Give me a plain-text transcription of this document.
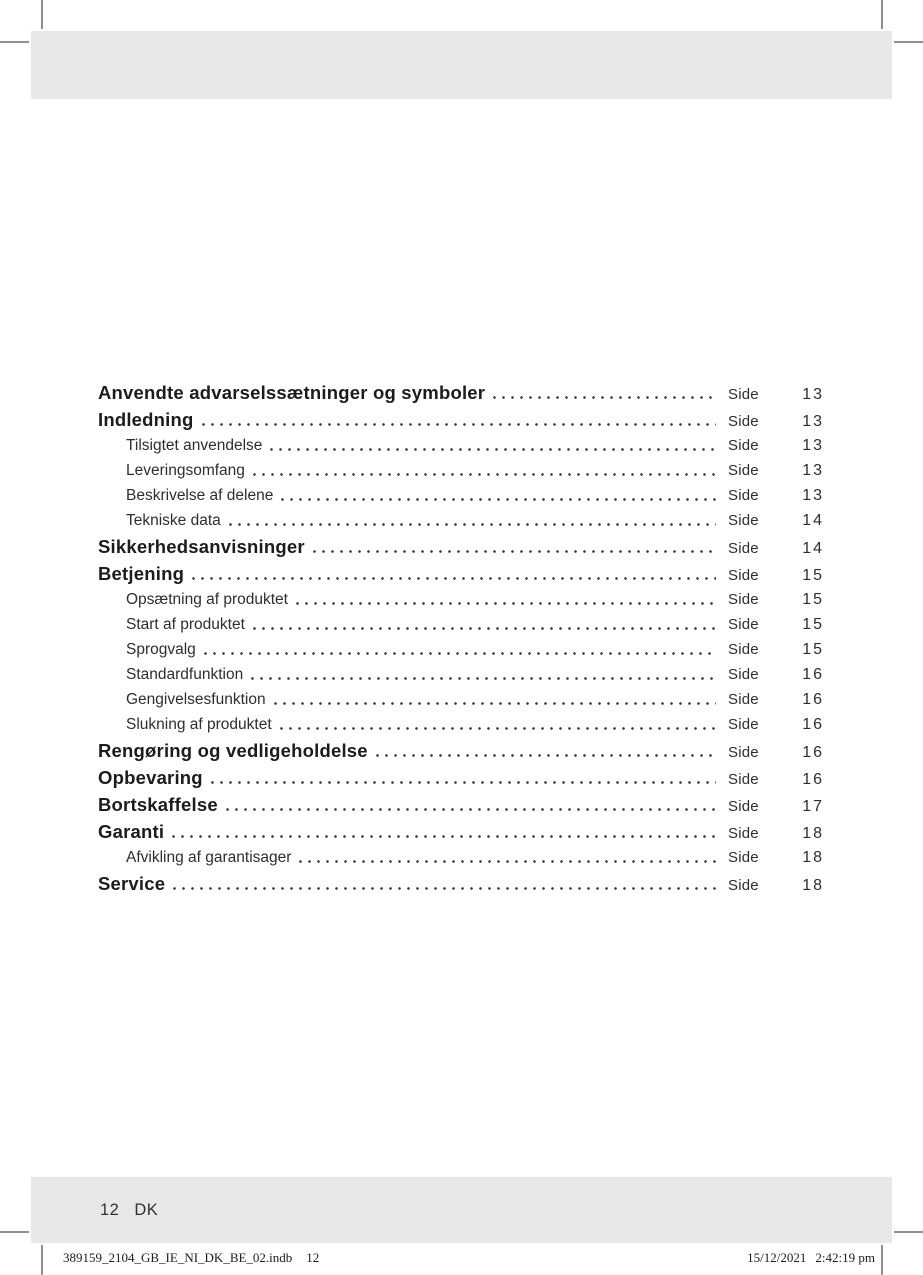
Anvendte advarselssætninger og symboler	Side	13
Indledning	Side	13
Tilsigtet anvendelse	Side	13
Leveringsomfang	Side	13
Beskrivelse af delene	Side	13
Tekniske data	Side	14
Sikkerhedsanvisninger	Side	14
Betjening	Side	15
Opsætning af produktet	Side	15
Start af produktet	Side	15
Sprogvalg	Side	15
Standardfunktion	Side	16
Gengivelsesfunktion	Side	16
Slukning af produktet	Side	16
Rengøring og vedligeholdelse	Side	16
Opbevaring	Side	16
Bortskaffelse	Side	17
Garanti	Side	18
Afvikling af garantisager	Side	18
Service	Side	18
12 DK
389159_2104_GB_IE_NI_DK_BE_02.indb 12	15/12/2021 2:42:19 pm
